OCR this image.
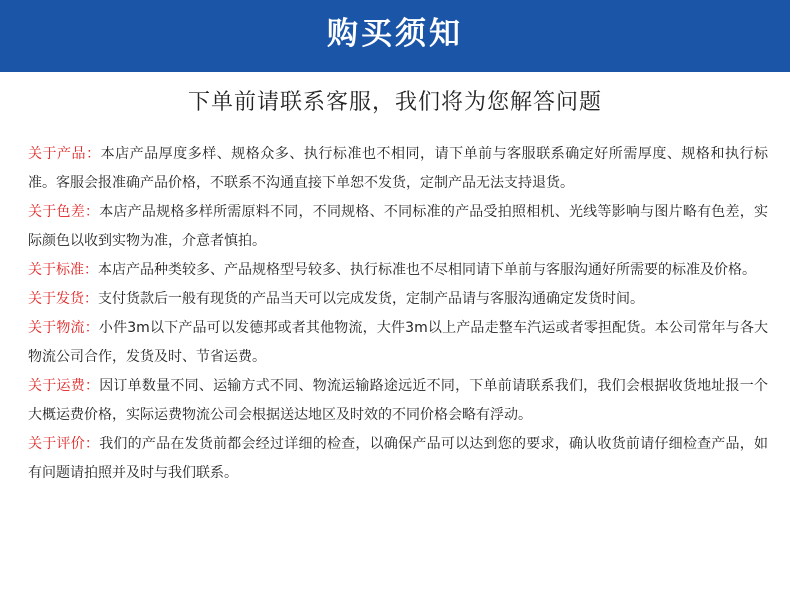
购买须知
下单前请联系客服，我们将为您解答问题

关于产品：本店产品厚度多样、规格众多、执行标准也不相同，请下单前与客服联系确定好所需厚度、规格和执行标准。客服会报准确产品价格，不联系不沟通直接下单恕不发货，定制产品无法支持退货。

关于色差：本店产品规格多样所需原料不同，不同规格、不同标准的产品受拍照相机、光线等影响与图片略有色差，实际颜色以收到实物为准，介意者慎拍。

关于标准：本店产品种类较多、产品规格型号较多、执行标准也不尽相同请下单前与客服沟通好所需要的标准及价格。

关于发货：支付货款后一般有现货的产品当天可以完成发货，定制产品请与客服沟通确定发货时间。

关于物流：小件3m以下产品可以发德邦或者其他物流，大件3m以上产品走整车汽运或者零担配货。本公司常年与各大物流公司合作，发货及时、节省运费。

关于运费：因订单数量不同、运输方式不同、物流运输路途远近不同，下单前请联系我们，我们会根据收货地址报一个大概运费价格，实际运费物流公司会根据送达地区及时效的不同价格会略有浮动。

关于评价：我们的产品在发货前都会经过详细的检查，以确保产品可以达到您的要求，确认收货前请仔细检查产品，如有问题请拍照并及时与我们联系。
